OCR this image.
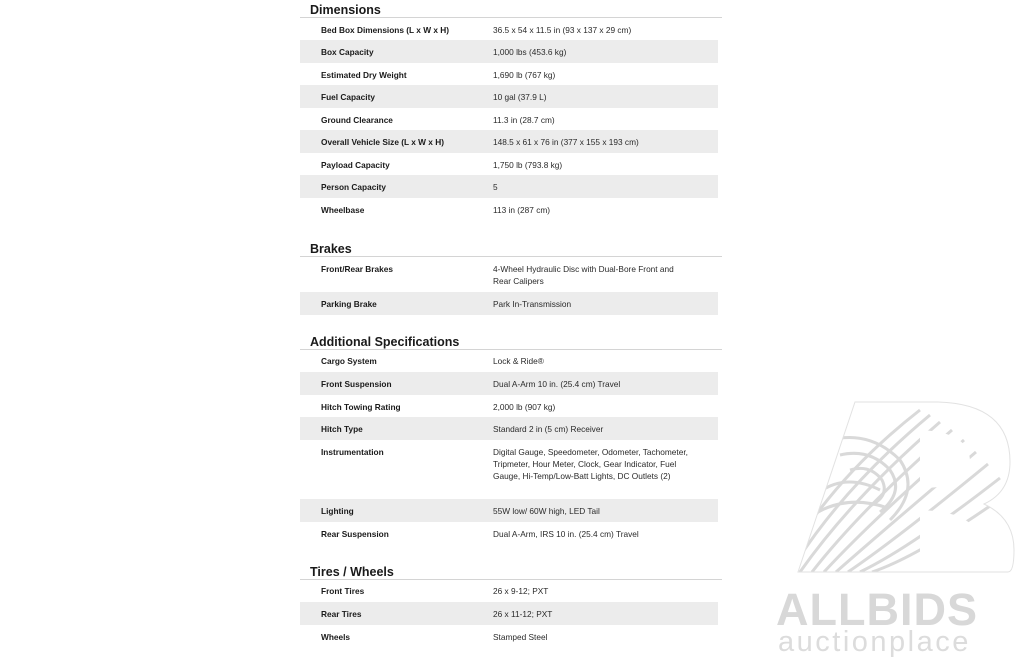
Dimensions
Bed Box Dimensions (L x W x H)	36.5 x 54 x 11.5 in (93 x 137 x 29 cm)
Box Capacity	1,000 lbs (453.6 kg)
Estimated Dry Weight	1,690 lb (767 kg)
Fuel Capacity	10 gal (37.9 L)
Ground Clearance	11.3 in (28.7 cm)
Overall Vehicle Size (L x W x H)	148.5 x 61 x 76 in (377 x 155 x 193 cm)
Payload Capacity	1,750 lb (793.8 kg)
Person Capacity	5
Wheelbase	113 in (287 cm)
Brakes
Front/Rear Brakes	4-Wheel Hydraulic Disc with Dual-Bore Front and Rear Calipers
Parking Brake	Park In-Transmission
Additional Specifications
Cargo System	Lock & Ride®
Front Suspension	Dual A-Arm 10 in. (25.4 cm) Travel
Hitch Towing Rating	2,000 lb (907 kg)
Hitch Type	Standard 2 in (5 cm) Receiver
Instrumentation	Digital Gauge, Speedometer, Odometer, Tachometer, Tripmeter, Hour Meter, Clock, Gear Indicator, Fuel Gauge, Hi-Temp/Low-Batt Lights, DC Outlets (2)
Lighting	55W low/ 60W high, LED Tail
Rear Suspension	Dual A-Arm, IRS 10 in. (25.4 cm) Travel
Tires / Wheels
Front Tires	26 x 9-12; PXT
Rear Tires	26 x 11-12; PXT
Wheels	Stamped Steel
ALLBIDS
auctionplace
